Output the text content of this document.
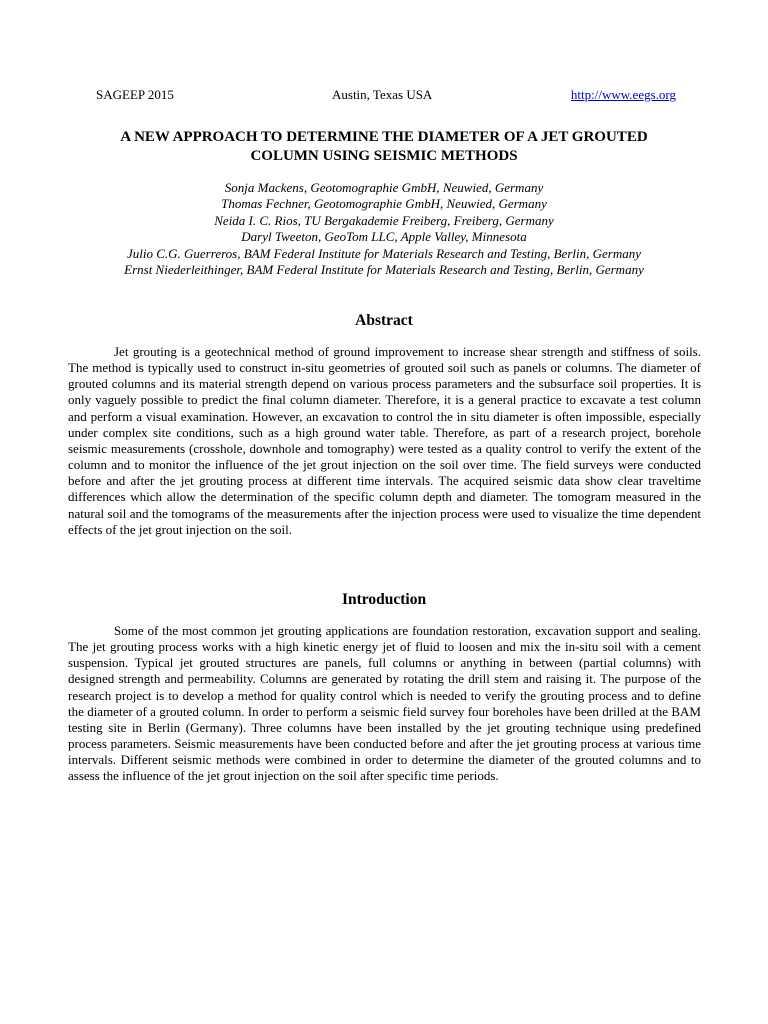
SAGEEP 2015	Austin, Texas USA	http://www.eegs.org
A NEW APPROACH TO DETERMINE THE DIAMETER OF A JET GROUTED
COLUMN USING SEISMIC METHODS
Sonja Mackens, Geotomographie GmbH, Neuwied, Germany
Thomas Fechner, Geotomographie GmbH, Neuwied, Germany
Neida I. C. Rios, TU Bergakademie Freiberg, Freiberg, Germany
Daryl Tweeton, GeoTom LLC, Apple Valley, Minnesota
Julio C.G. Guerreros, BAM Federal Institute for Materials Research and Testing, Berlin, Germany
Ernst Niederleithinger, BAM Federal Institute for Materials Research and Testing, Berlin, Germany
Abstract

Jet grouting is a geotechnical method of ground improvement to increase shear strength and stiffness of soils. The method is typically used to construct in-situ geometries of grouted soil such as panels or columns. The diameter of grouted columns and its material strength depend on various process parameters and the subsurface soil properties. It is only vaguely possible to predict the final column diameter. Therefore, it is a general practice to excavate a test column and perform a visual examination. However, an excavation to control the in situ diameter is often impossible, especially under complex site conditions, such as a high ground water table. Therefore, as part of a research project, borehole seismic measurements (crosshole, downhole and tomography) were tested as a quality control to verify the extent of the column and to monitor the influence of the jet grout injection on the soil over time. The field surveys were conducted before and after the jet grouting process at different time intervals. The acquired seismic data show clear traveltime differences which allow the determination of the specific column depth and diameter. The tomogram measured in the natural soil and the tomograms of the measurements after the injection process were used to visualize the time dependent effects of the jet grout injection on the soil.

Introduction

Some of the most common jet grouting applications are foundation restoration, excavation support and sealing. The jet grouting process works with a high kinetic energy jet of fluid to loosen and mix the in-situ soil with a cement suspension. Typical jet grouted structures are panels, full columns or anything in between (partial columns) with designed strength and permeability. Columns are generated by rotating the drill stem and raising it. The purpose of the research project is to develop a method for quality control which is needed to verify the grouting process and to define the diameter of a grouted column. In order to perform a seismic field survey four boreholes have been drilled at the BAM testing site in Berlin (Germany). Three columns have been installed by the jet grouting technique using predefined process parameters. Seismic measurements have been conducted before and after the jet grouting process at various time intervals. Different seismic methods were combined in order to determine the diameter of the grouted columns and to assess the influence of the jet grout injection on the soil after specific time periods.
